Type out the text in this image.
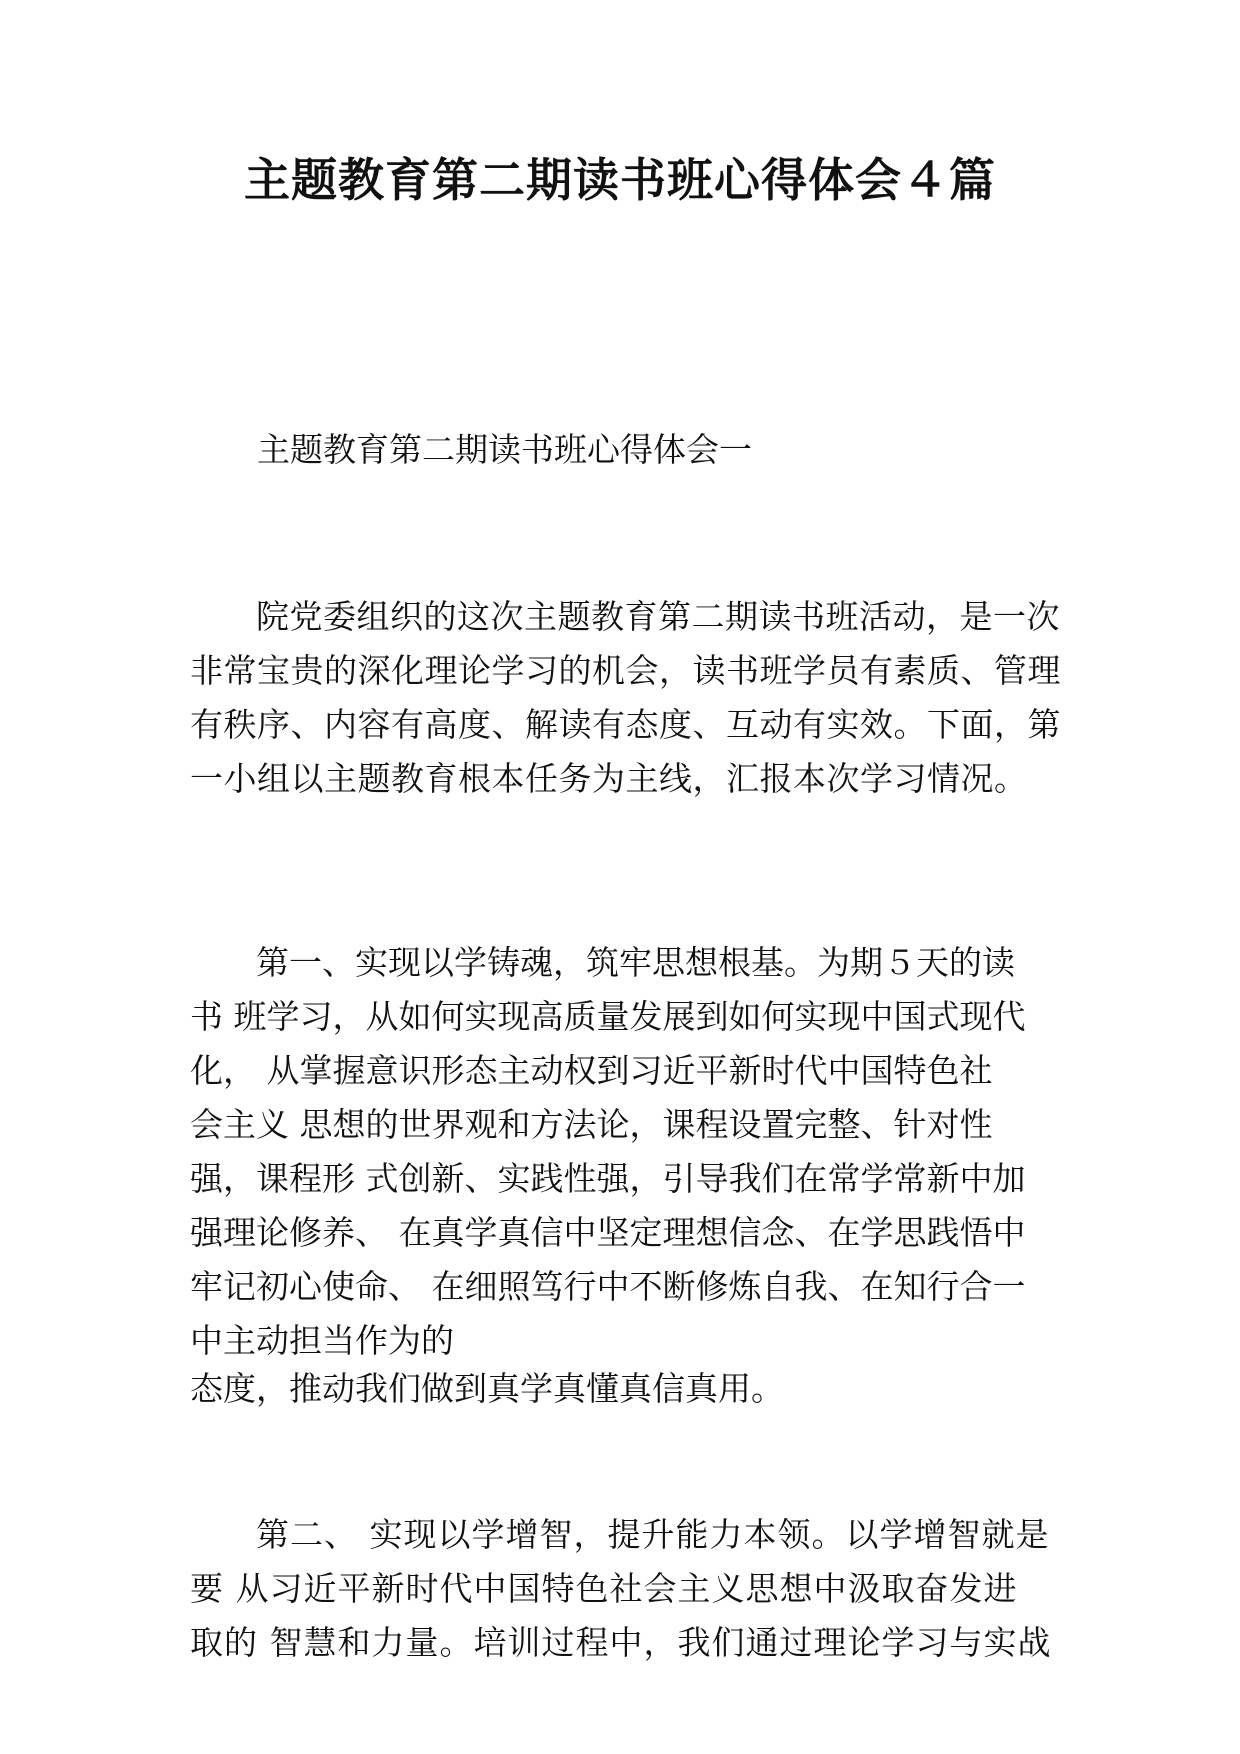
主题教育第二期读书班心得体会４篇

主题教育第二期读书班心得体会一

院党委组织的这次主题教育第二期读书班活动，是一次
非常宝贵的深化理论学习的机会，读书班学员有素质、管理
有秩序、内容有高度、解读有态度、互动有实效。下面，第
一小组以主题教育根本任务为主线，汇报本次学习情况。

第一、实现以学铸魂，筑牢思想根基。为期５天的读
书 班学习，从如何实现高质量发展到如何实现中国式现代
化， 从掌握意识形态主动权到习近平新时代中国特色社
会主义 思想的世界观和方法论，课程设置完整、针对性
强，课程形 式创新、实践性强，引导我们在常学常新中加
强理论修养、 在真学真信中坚定理想信念、在学思践悟中
牢记初心使命、 在细照笃行中不断修炼自我、在知行合一
中主动担当作为的

态度，推动我们做到真学真懂真信真用。

第二、 实现以学增智，提升能力本领。以学增智就是
要 从习近平新时代中国特色社会主义思想中汲取奋发进
取的 智慧和力量。培训过程中，我们通过理论学习与实战
